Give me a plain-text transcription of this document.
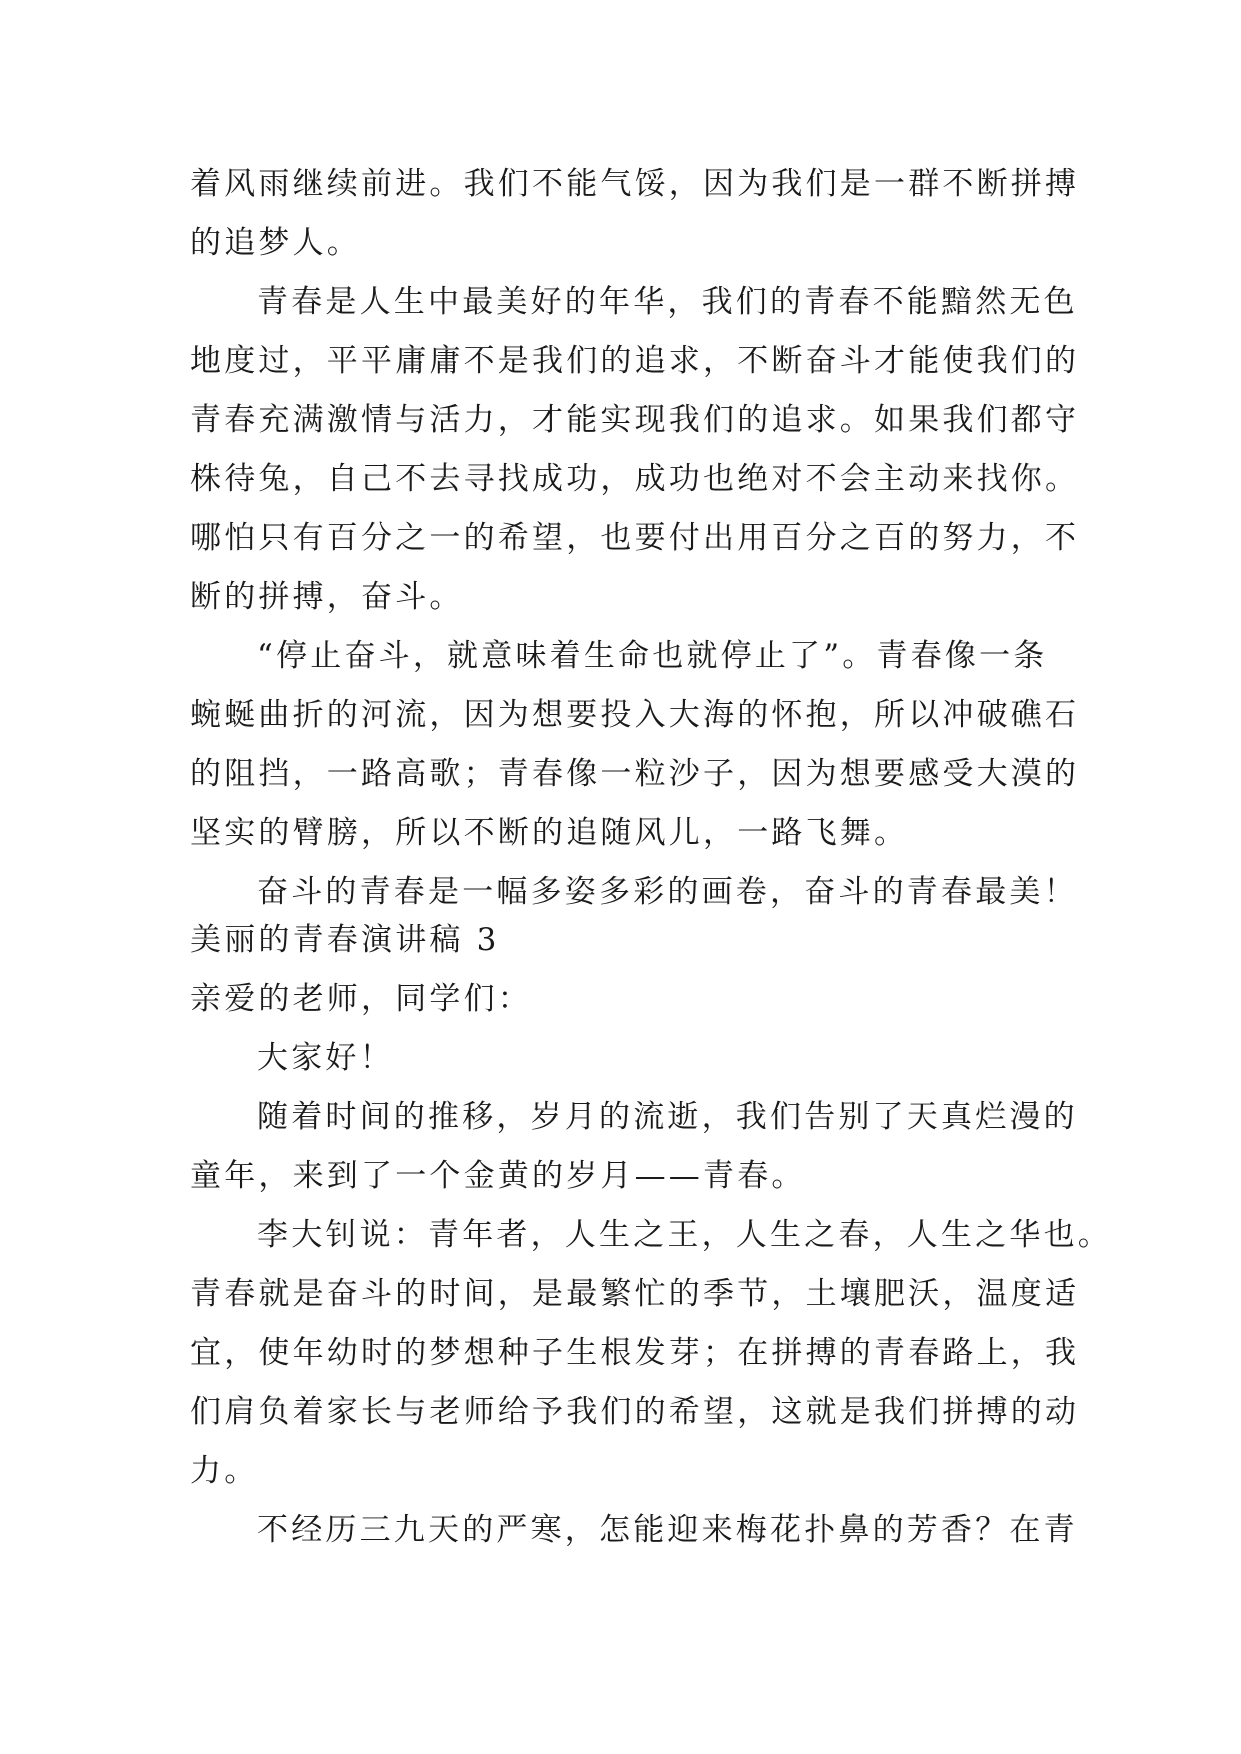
着风雨继续前进。我们不能气馁，因为我们是一群不断拼搏
的追梦人。
青春是人生中最美好的年华，我们的青春不能黯然无色
地度过，平平庸庸不是我们的追求，不断奋斗才能使我们的
青春充满激情与活力，才能实现我们的追求。如果我们都守
株待兔，自己不去寻找成功，成功也绝对不会主动来找你。
哪怕只有百分之一的希望，也要付出用百分之百的努力，不
断的拼搏，奋斗。
“停止奋斗，就意味着生命也就停止了”。青春像一条
蜿蜒曲折的河流，因为想要投入大海的怀抱，所以冲破礁石
的阻挡，一路高歌；青春像一粒沙子，因为想要感受大漠的
坚实的臂膀，所以不断的追随风儿，一路飞舞。
奋斗的青春是一幅多姿多彩的画卷，奋斗的青春最美！
美丽的青春演讲稿 3
亲爱的老师，同学们：
大家好！
随着时间的推移，岁月的流逝，我们告别了天真烂漫的
童年，来到了一个金黄的岁月——青春。
李大钊说：青年者，人生之王，人生之春，人生之华也。
青春就是奋斗的时间，是最繁忙的季节，土壤肥沃，温度适
宜，使年幼时的梦想种子生根发芽；在拼搏的青春路上，我
们肩负着家长与老师给予我们的希望，这就是我们拼搏的动
力。
不经历三九天的严寒，怎能迎来梅花扑鼻的芳香？在青
